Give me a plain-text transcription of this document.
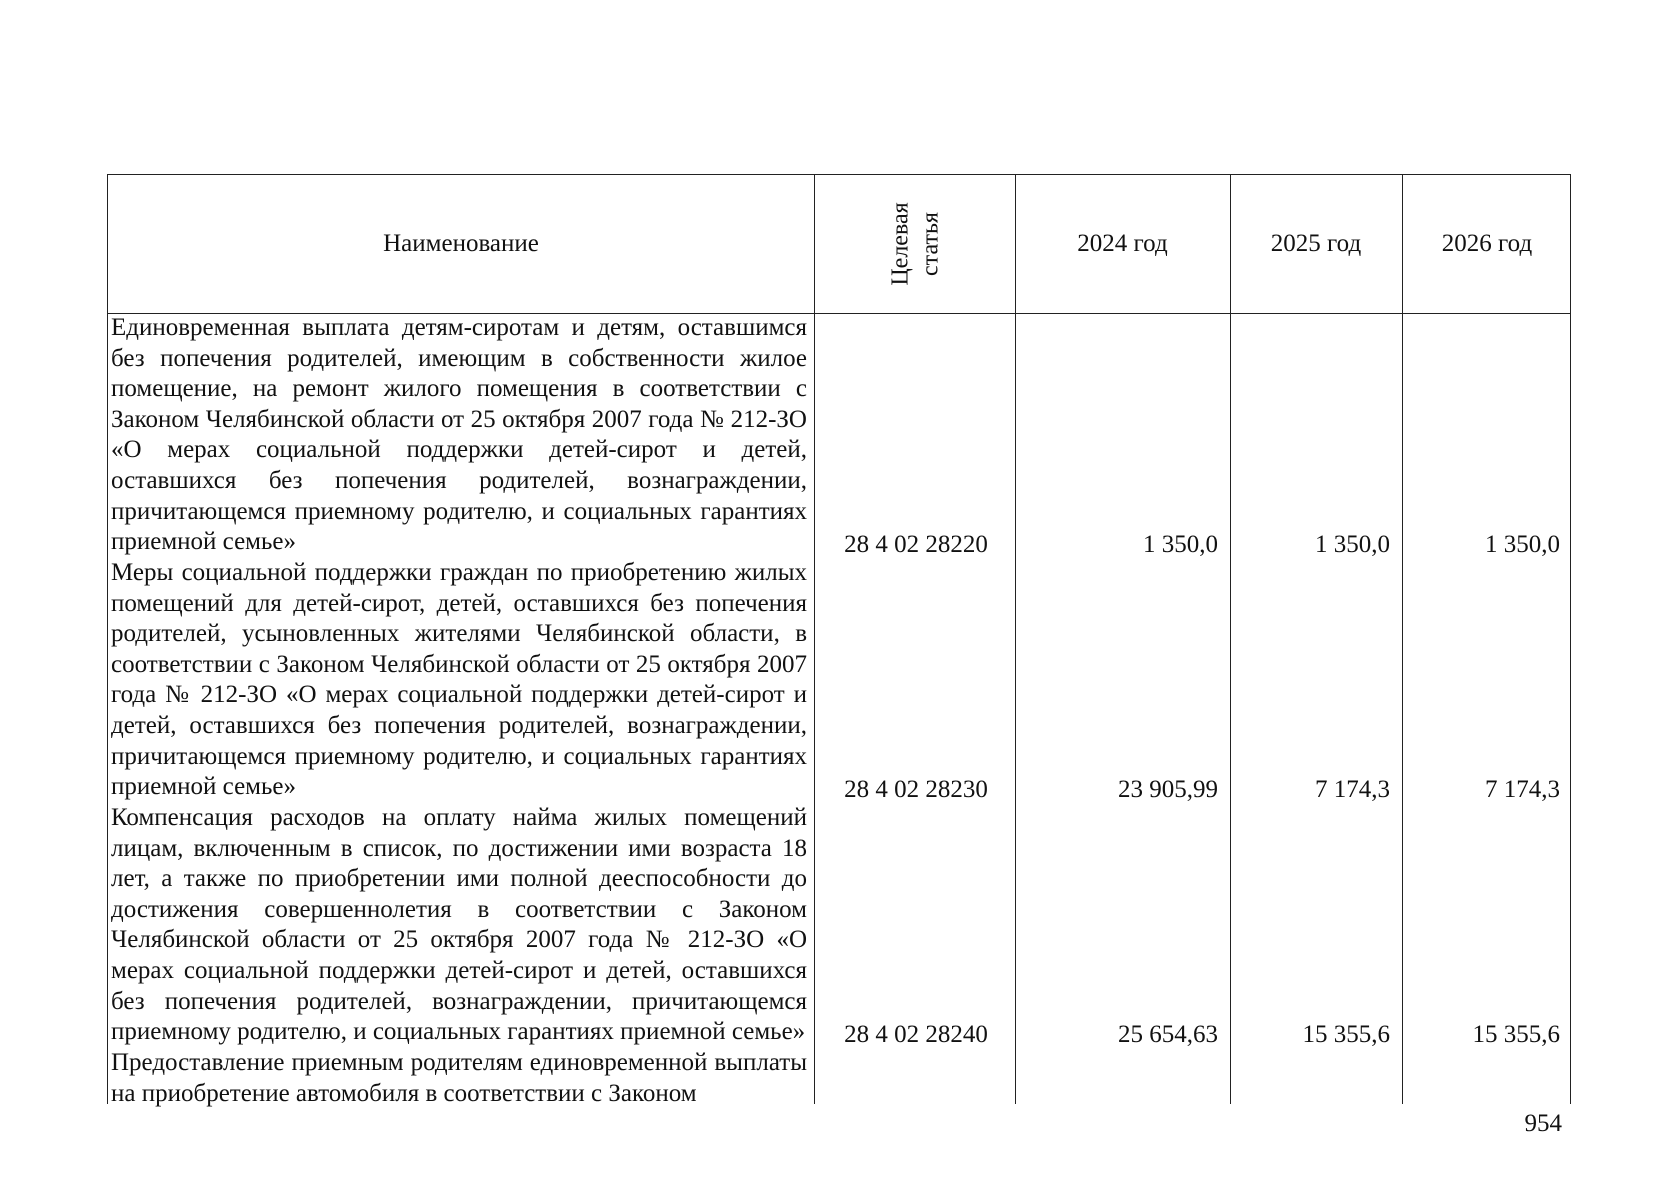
Наименование	Целевая статья	2024 год	2025 год	2026 год
Единовременная выплата детям-сиротам и детям, оставшимся без попечения родителей, имеющим в собственности жилое помещение, на ремонт жилого помещения в соответствии с Законом Челябинской области от 25 октября 2007 года № 212-ЗО «О мерах социальной поддержки детей-сирот и детей, оставшихся без попечения родителей, вознаграждении, причитающемся приемному родителю, и социальных гарантиях приемной семье»	28 4 02 28220	1 350,0	1 350,0	1 350,0
Меры социальной поддержки граждан по приобретению жилых помещений для детей-сирот, детей, оставшихся без попечения родителей, усыновленных жителями Челябинской области, в соответствии с Законом Челябинской области от 25 октября 2007 года № 212-ЗО «О мерах социальной поддержки детей-сирот и детей, оставшихся без попечения родителей, вознаграждении, причитающемся приемному родителю, и социальных гарантиях приемной семье»	28 4 02 28230	23 905,99	7 174,3	7 174,3
Компенсация расходов на оплату найма жилых помещений лицам, включенным в список, по достижении ими возраста 18 лет, а также по приобретении ими полной дееспособности до достижения совершеннолетия в соответствии с Законом Челябинской области от 25 октября 2007 года № 212-ЗО «О мерах социальной поддержки детей-сирот и детей, оставшихся без попечения родителей, вознаграждении, причитающемся приемному родителю, и социальных гарантиях приемной семье»	28 4 02 28240	25 654,63	15 355,6	15 355,6
Предоставление приемным родителям единовременной выплаты на приобретение автомобиля в соответствии с Законом
954
